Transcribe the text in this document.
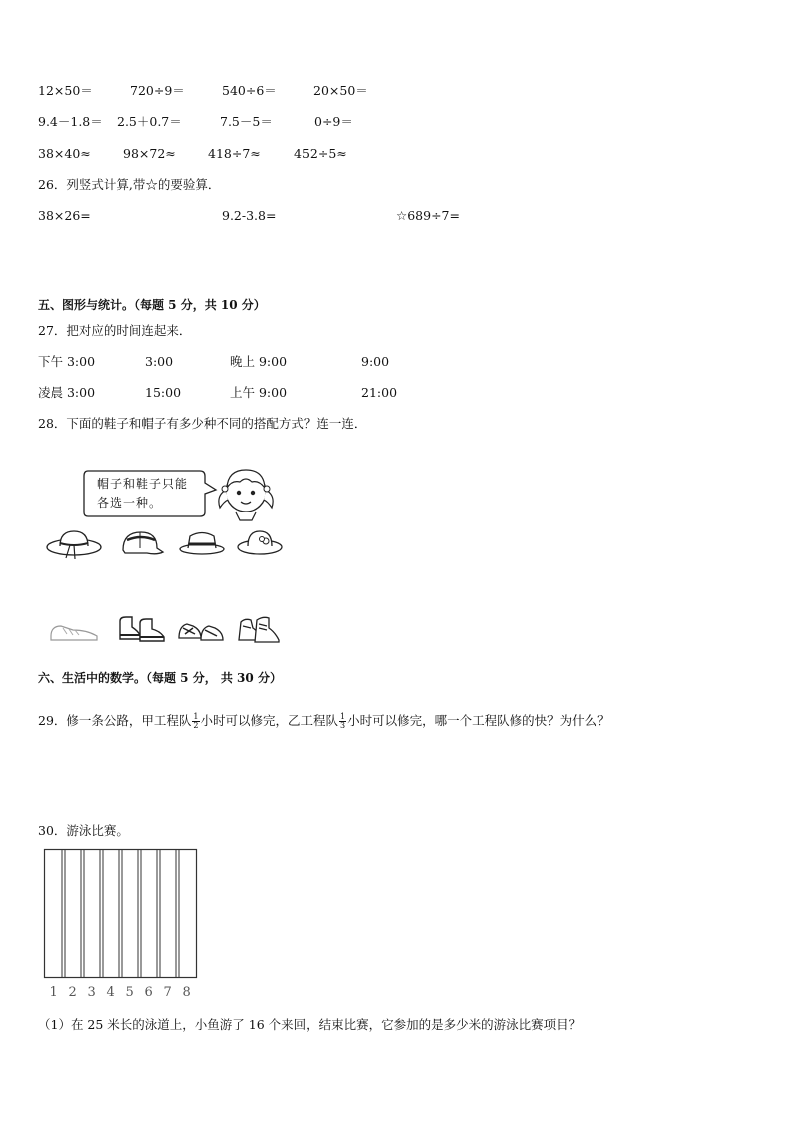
12×50＝	720÷9＝	540÷6＝	20×50＝
9.4－1.8＝ 2.5＋0.7＝	7.5－5＝	0÷9＝
38×40≈	98×72≈	418÷7≈	452÷5≈
26．列竖式计算,带☆的要验算．
38×26=	9.2-3.8=	☆689÷7=
五、图形与统计。（每题 5 分，共 10 分）
27．把对应的时间连起来．
下午 3:00	3:00	晚上 9:00	9:00
凌晨 3:00	15:00	上午 9:00	21:00
28．下面的鞋子和帽子有多少种不同的搭配方式？连一连．
帽子和鞋子只能
各选一种。
六、生活中的数学。（每题 5 分， 共 30 分）
29．修一条公路，甲工程队 $\frac{1}{2}$ 小时可以修完，乙工程队 $\frac{1}{3}$ 小时可以修完，哪一个工程队修的快？为什么？
30．游泳比赛。
1 2 3 4 5 6 7 8
（1）在 25 米长的泳道上，小鱼游了 16 个来回，结束比赛，它参加的是多少米的游泳比赛项目？
